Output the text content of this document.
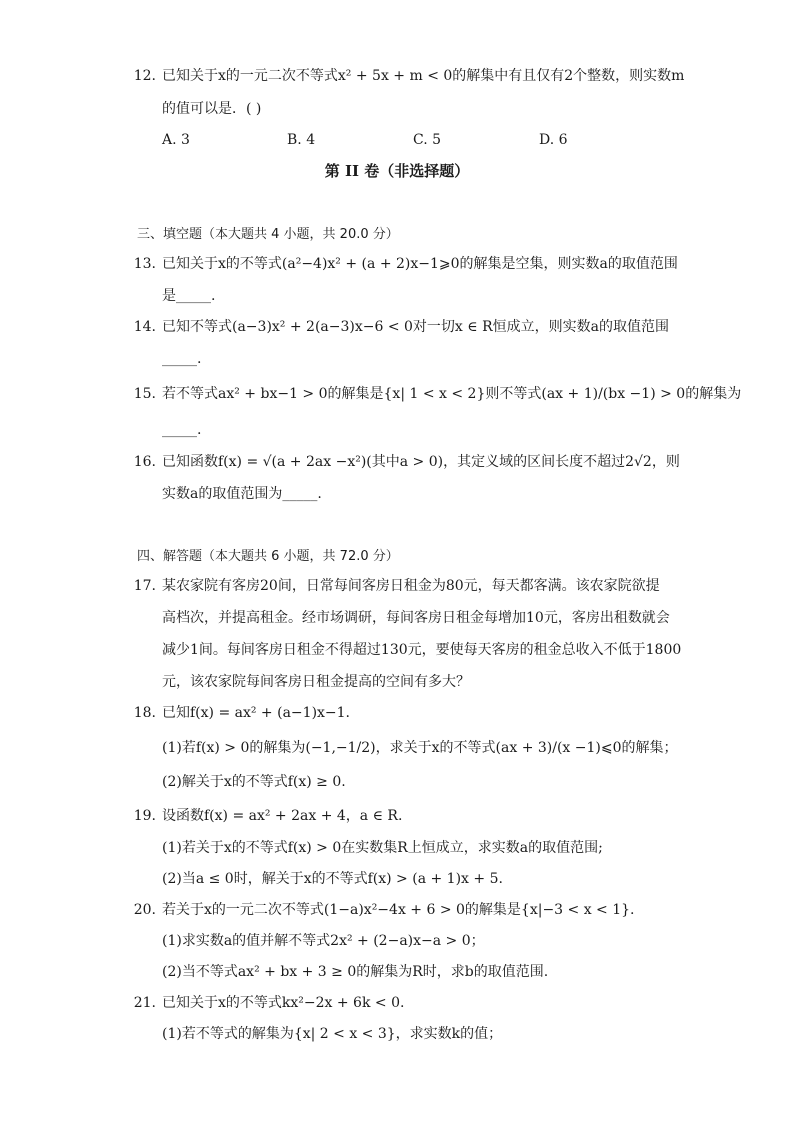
12. 已知关于x的一元二次不等式x² + 5x + m < 0的解集中有且仅有2个整数，则实数m
的值可以是．( )
A. 3	B. 4	C. 5	D. 6
第 II 卷（非选择题）
三、填空题（本大题共 4 小题，共 20.0 分）
13. 已知关于x的不等式(a²−4)x² + (a + 2)x−1⩾0的解集是空集，则实数a的取值范围
是_____.
14. 已知不等式(a−3)x² + 2(a−3)x−6 < 0对一切x ∈ R恒成立，则实数a的取值范围
_____.
15. 若不等式ax² + bx−1 > 0的解集是{x| 1 < x < 2}则不等式(ax + 1)/(bx −1) > 0的解集为
_____.
16. 已知函数f(x) = √(a + 2ax −x²)(其中a > 0)，其定义域的区间长度不超过2√2，则
实数a的取值范围为_____.
四、解答题（本大题共 6 小题，共 72.0 分）
17. 某农家院有客房20间，日常每间客房日租金为80元，每天都客满。该农家院欲提
高档次，并提高租金。经市场调研，每间客房日租金每增加10元，客房出租数就会
减少1间。每间客房日租金不得超过130元，要使每天客房的租金总收入不低于1800
元，该农家院每间客房日租金提高的空间有多大？
18. 已知f(x) = ax² + (a−1)x−1.
(1)若f(x) > 0的解集为(−1,−1/2)，求关于x的不等式(ax + 3)/(x −1)⩽0的解集；
(2)解关于x的不等式f(x) ≥ 0.
19. 设函数f(x) = ax² + 2ax + 4，a ∈ R.
(1)若关于x的不等式f(x) > 0在实数集R上恒成立，求实数a的取值范围;
(2)当a ≤ 0时，解关于x的不等式f(x) > (a + 1)x + 5.
20. 若关于x的一元二次不等式(1−a)x²−4x + 6 > 0的解集是{x|−3 < x < 1}.
(1)求实数a的值并解不等式2x² + (2−a)x−a > 0；
(2)当不等式ax² + bx + 3 ≥ 0的解集为R时，求b的取值范围.
21. 已知关于x的不等式kx²−2x + 6k < 0.
(1)若不等式的解集为{x| 2 < x < 3}，求实数k的值；
